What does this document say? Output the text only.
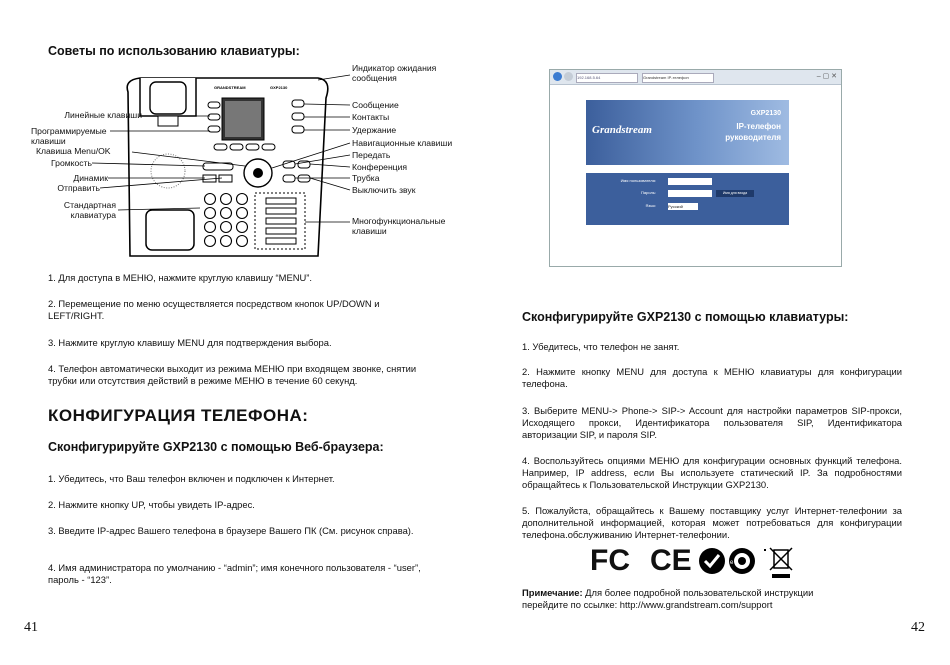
Советы по использованию клавиатуры:
GRANDSTREAM	GXP2130
Линейные клавиши
Программируемые
клавиши
Клавиша Menu/OK
Громкость
Динамик
Отправить
Стандартная
клавиатура
Индикатор ожидания
сообщения
Сообщение
Контакты
Удержание
Навигационные клавиши
Передать
Конференция
Трубка
Выключить звук
Многофункциональные
клавиши
1. Для доступа в МЕНЮ, нажмите круглую клавишу “MENU”.
2. Перемещение по меню осуществляется посредством кнопок UP/DOWN и LEFT/RIGHT.
3. Нажмите круглую клавишу MENU для подтверждения выбора.
4. Телефон автоматически выходит из режима МЕНЮ при входящем звонке, снятии трубки или отсутствия действий в режиме МЕНЮ в течение 60 секунд.
КОНФИГУРАЦИЯ ТЕЛЕФОНА:
Сконфигурируйте GXP2130 с помощью Веб-браузера:
1. Убедитесь, что Ваш телефон включен и подключен к Интернет.
2. Нажмите кнопку UP, чтобы увидеть IP-адрес.
3. Введите IP-адрес Вашего телефона в браузере Вашего ПК (См. рисунок справа).
4. Имя администратора по умолчанию - “admin”; имя конечного пользователя - “user”, пароль - “123”.
41
192.168.5.64	Grandstream IP-телефон	– ▢ ✕
Grandstream
GXP2130
IP-телефон
руководителя
Имя пользователя:
Пароль:	Имя для входа
Язык:	Русский
Сконфигурируйте GXP2130 с помощью клавиатуры:
1. Убедитесь, что телефон не занят.
2. Нажмите кнопку MENU для доступа к МЕНЮ клавиатуры для конфигурации телефона.
3. Выберите MENU-> Phone-> SIP-> Account для настройки параметров SIP-прокси, Исходящего прокси, Идентификатора пользователя SIP, Идентификатора авторизации SIP, и пароля SIP.
4. Воспользуйтесь опциями МЕНЮ для конфигурации основных функций телефона. Например, IP address, если Вы используете статический IP. За подробностями обращайтесь к Пользовательской Инструкции GXP2130.
5. Пожалуйста, обращайтесь к Вашему поставщику услуг Интернет-телефонии за дополнительной информацией, которая может потребоваться для конфигурации телефона.обслуживанию Интернет-телефонии.
FC CE	e
Примечание: Для более подробной пользовательской инструкции
перейдите по ссылке: http://www.grandstream.com/support
42
